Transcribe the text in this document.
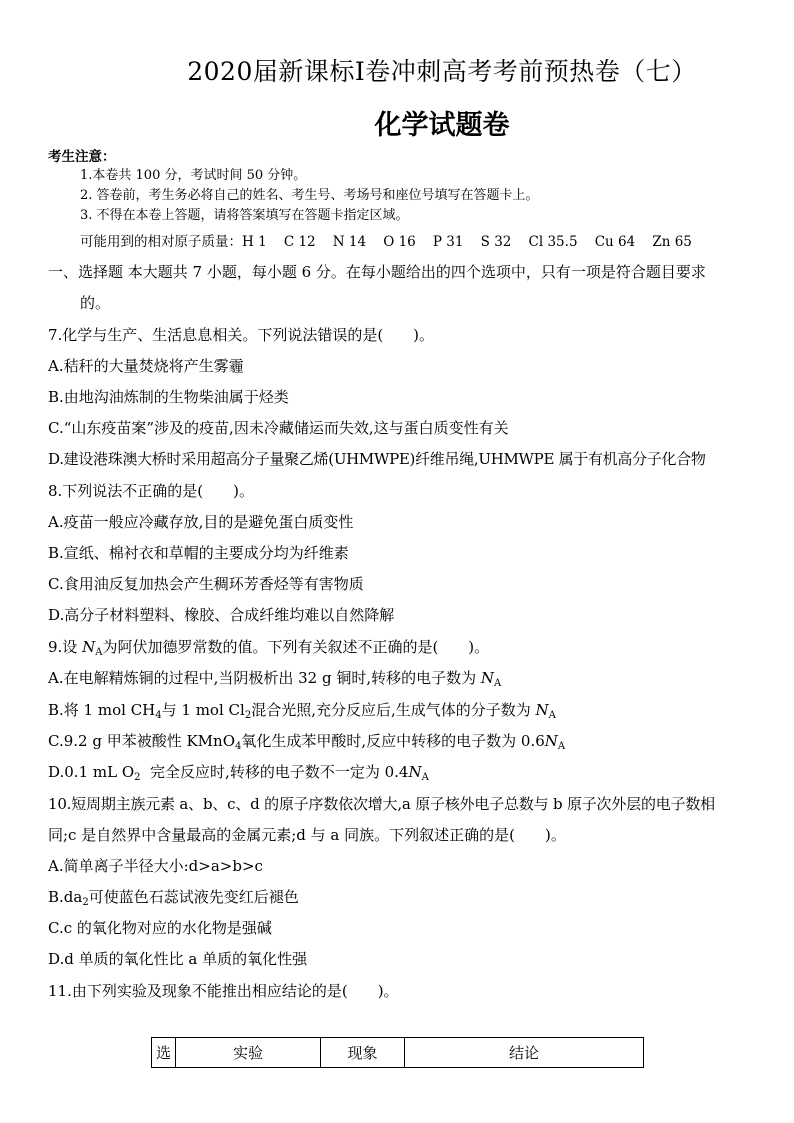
2020届新课标Ⅰ卷冲刺高考考前预热卷（七）
化学试题卷
考生注意：
1.本卷共 100 分，考试时间 50 分钟。
2. 答卷前，考生务必将自己的姓名、考生号、考场号和座位号填写在答题卡上。
3. 不得在本卷上答题，请将答案填写在答题卡指定区域。
可能用到的相对原子质量：H 1    C 12    N 14    O 16    P 31    S 32    Cl 35.5    Cu 64    Zn 65
一、选择题 本大题共 7 小题，每小题 6 分。在每小题给出的四个选项中，只有一项是符合题目要求
的。
7.化学与生产、生活息息相关。下列说法错误的是(　　)。
A.秸秆的大量焚烧将产生雾霾
B.由地沟油炼制的生物柴油属于烃类
C.“山东疫苗案”涉及的疫苗,因未冷藏储运而失效,这与蛋白质变性有关
D.建设港珠澳大桥时采用超高分子量聚乙烯(UHMWPE)纤维吊绳,UHMWPE 属于有机高分子化合物
8.下列说法不正确的是(　　)。
A.疫苗一般应冷藏存放,目的是避免蛋白质变性
B.宣纸、棉衬衣和草帽的主要成分均为纤维素
C.食用油反复加热会产生稠环芳香烃等有害物质
D.高分子材料塑料、橡胶、合成纤维均难以自然降解
9.设 $N_A$为阿伏加德罗常数的值。下列有关叙述不正确的是(　　)。
A.在电解精炼铜的过程中,当阴极析出 32 g 铜时,转移的电子数为 $N_A$
B.将 1 mol $CH_4$与 1 mol $Cl_2$混合光照,充分反应后,生成气体的分子数为 $N_A$
C.9.2 g 甲苯被酸性 KMnO$_4$氧化生成苯甲酸时,反应中转移的电子数为 $0.6N_A$
D.0.1 mL $O_2$  完全反应时,转移的电子数不一定为 $0.4N_A$
10.短周期主族元素 a、b、c、d 的原子序数依次增大,a 原子核外电子总数与 b 原子次外层的电子数相
同;c 是自然界中含量最高的金属元素;d 与 a 同族。下列叙述正确的是(　　)。
A.简单离子半径大小:d>a>b>c
$B.da_2$可使蓝色石蕊试液先变红后褪色
C.c 的氧化物对应的水化物是强碱
D.d 单质的氧化性比 a 单质的氧化性强
11.由下列实验及现象不能推出相应结论的是(　　)。
选	实验	现象	结论
